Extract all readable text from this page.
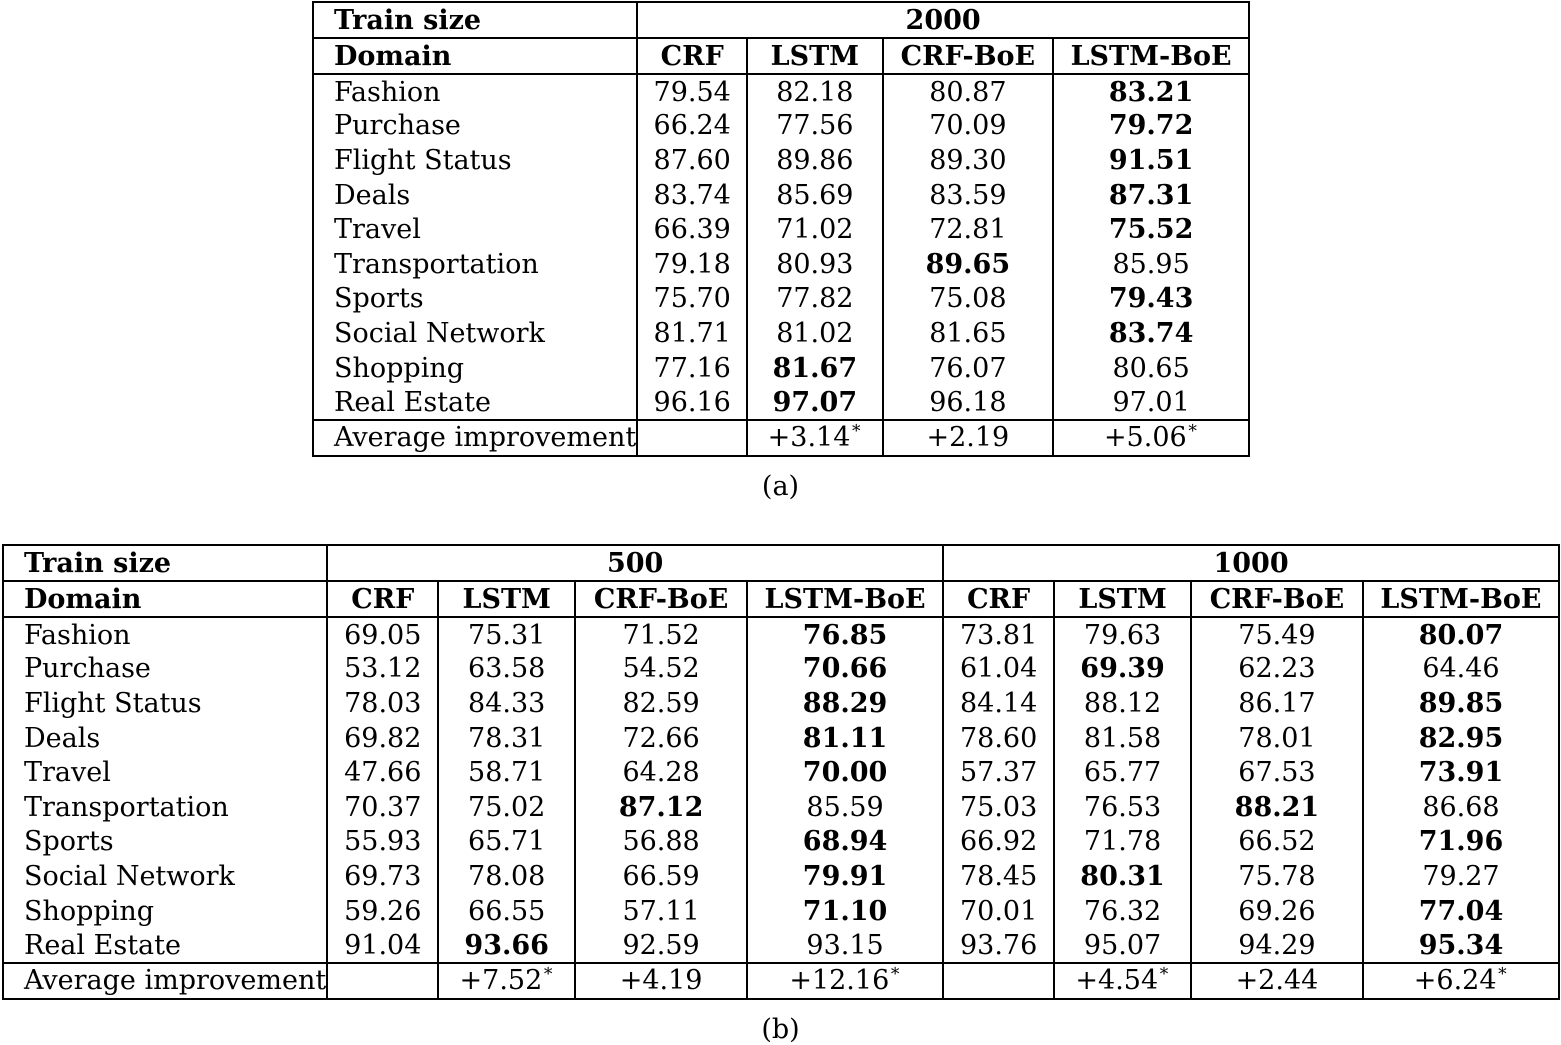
Train size	2000			
Domain	CRF	LSTM	CRF-BoE	LSTM-BoE
Fashion	79.54	82.18	80.87	83.21
Purchase	66.24	77.56	70.09	79.72
Flight Status	87.60	89.86	89.30	91.51
Deals	83.74	85.69	83.59	87.31
Travel	66.39	71.02	72.81	75.52
Transportation	79.18	80.93	89.65	85.95
Sports	75.70	77.82	75.08	79.43
Social Network	81.71	81.02	81.65	83.74
Shopping	77.16	81.67	76.07	80.65
Real Estate	96.16	97.07	96.18	97.01
Average improvement		+3.14∗	+2.19	+5.06∗
(a)
Train size	500				1000			
Domain	CRF	LSTM	CRF-BoE	LSTM-BoE	CRF	LSTM	CRF-BoE	LSTM-BoE
Fashion	69.05	75.31	71.52	76.85	73.81	79.63	75.49	80.07
Purchase	53.12	63.58	54.52	70.66	61.04	69.39	62.23	64.46
Flight Status	78.03	84.33	82.59	88.29	84.14	88.12	86.17	89.85
Deals	69.82	78.31	72.66	81.11	78.60	81.58	78.01	82.95
Travel	47.66	58.71	64.28	70.00	57.37	65.77	67.53	73.91
Transportation	70.37	75.02	87.12	85.59	75.03	76.53	88.21	86.68
Sports	55.93	65.71	56.88	68.94	66.92	71.78	66.52	71.96
Social Network	69.73	78.08	66.59	79.91	78.45	80.31	75.78	79.27
Shopping	59.26	66.55	57.11	71.10	70.01	76.32	69.26	77.04
Real Estate	91.04	93.66	92.59	93.15	93.76	95.07	94.29	95.34
Average improvement		+7.52∗	+4.19	+12.16∗		+4.54∗	+2.44	+6.24∗
(b)
